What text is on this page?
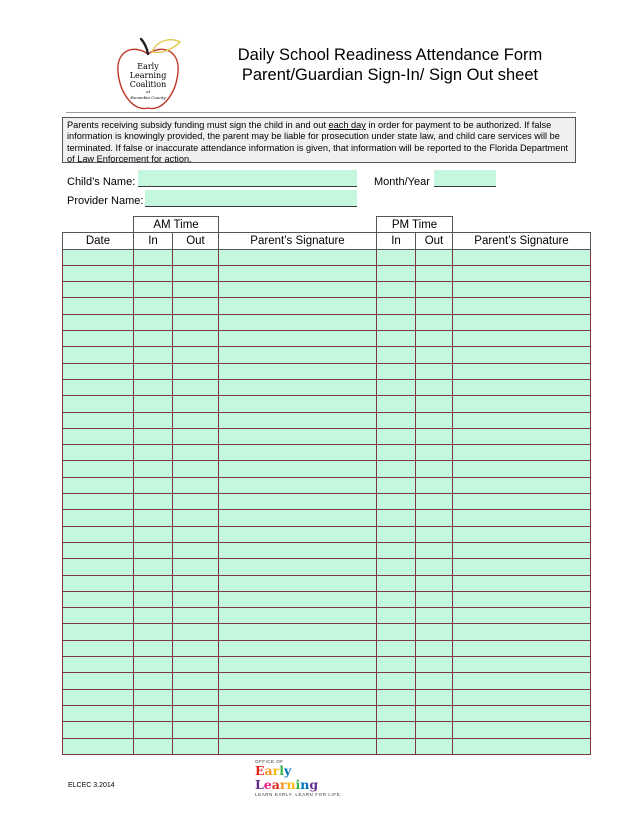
Early
Learning
Coalition
of
Escambia County
Daily School Readiness Attendance Form
Parent/Guardian Sign-In/ Sign Out sheet
Parents receiving subsidy funding must sign the child in and out each day in order for payment to be authorized. If false information is knowingly provided, the parent may be liable for prosecution under state law, and child care services will be terminated. If false or inaccurate attendance information is given, that information will be reported to the Florida Department of Law Enforcement for action.
Child’s Name:	Month/Year
Provider Name:
	AM Time			PM Time		
Date	In	Out	Parent’s Signature	In	Out	Parent’s Signature

ELCEC 3.2014
OFFICE OF
Early Learning
LEARN EARLY. LEARN FOR LIFE.
